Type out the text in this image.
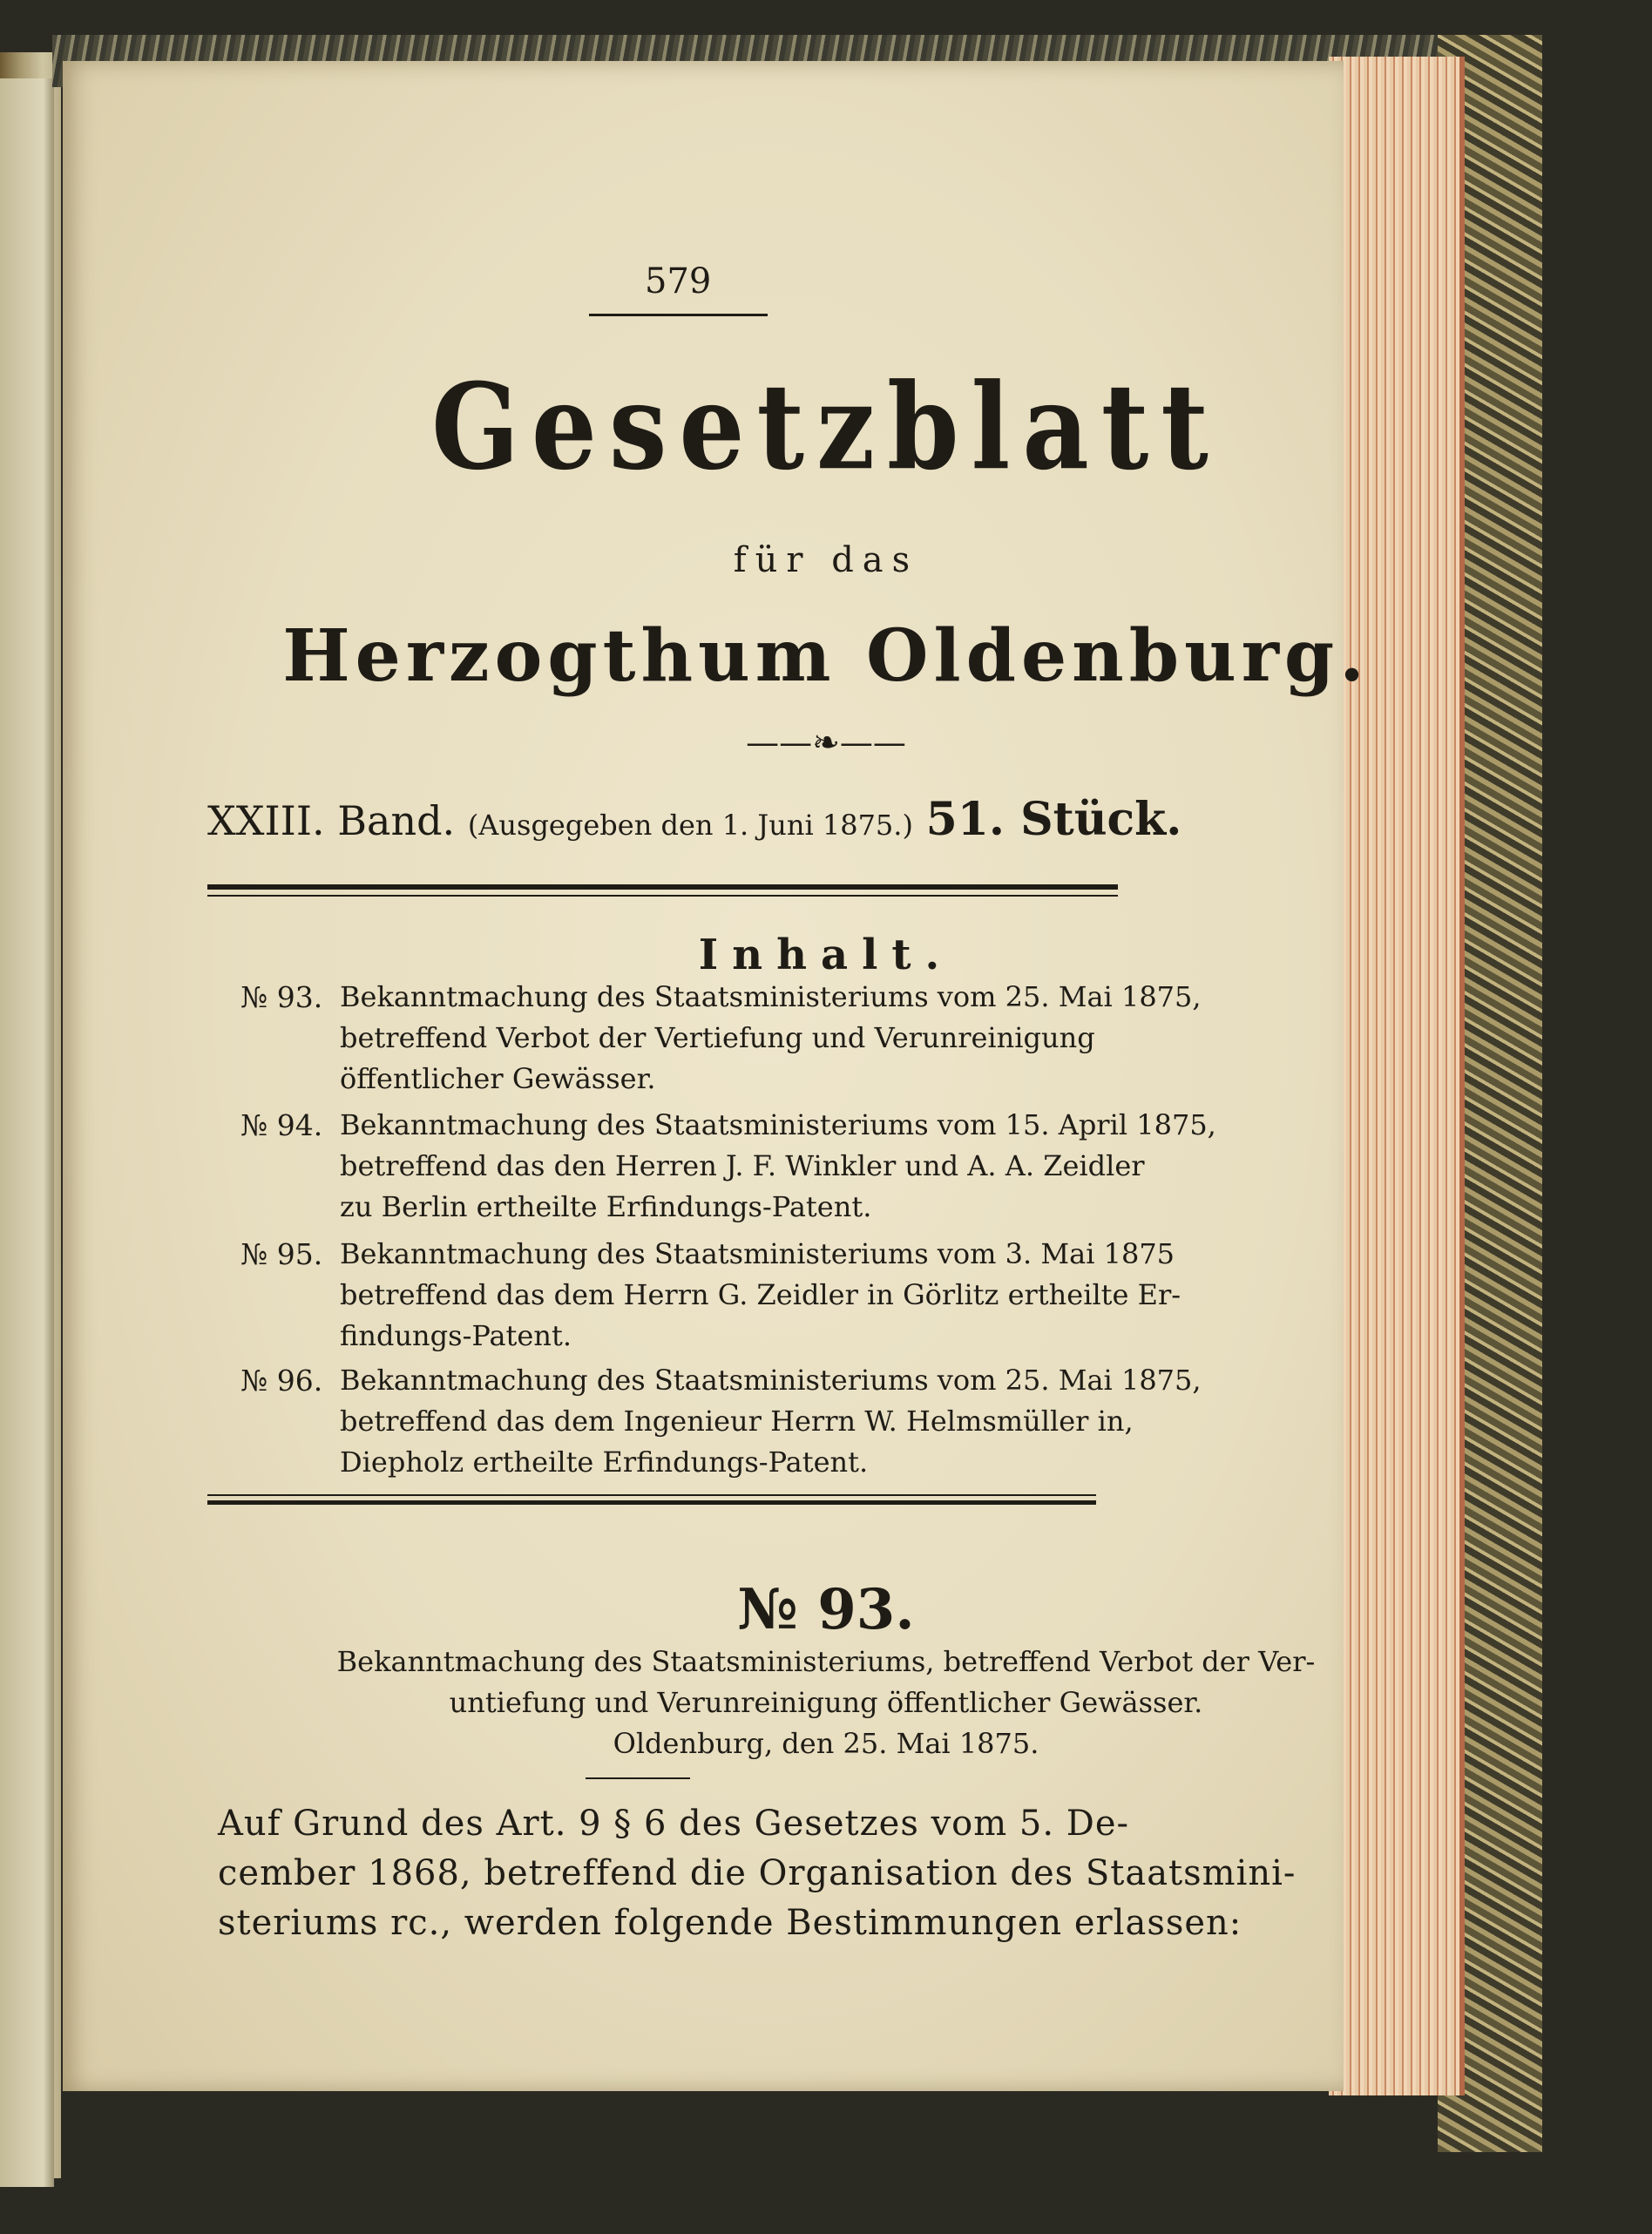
579
Gesetzblatt
für das
Herzogthum Oldenburg.
——❧——
XXIII. Band. (Ausgegeben den 1. Juni 1875.) 51. Stück.
Inhalt.
№ 93. Bekanntmachung des Staatsministeriums vom 25. Mai 1875,
betreffend Verbot der Vertiefung und Verunreinigung
öffentlicher Gewässer.
№ 94. Bekanntmachung des Staatsministeriums vom 15. April 1875,
betreffend das den Herren J. F. Winkler und A. A. Zeidler
zu Berlin ertheilte Erfindungs-Patent.
№ 95. Bekanntmachung des Staatsministeriums vom 3. Mai 1875
betreffend das dem Herrn G. Zeidler in Görlitz ertheilte Er-
findungs-Patent.
№ 96. Bekanntmachung des Staatsministeriums vom 25. Mai 1875,
betreffend das dem Ingenieur Herrn W. Helmsmüller in,
Diepholz ertheilte Erfindungs-Patent.
№ 93.
Bekanntmachung des Staatsministeriums, betreffend Verbot der Ver-
untiefung und Verunreinigung öffentlicher Gewässer.
Oldenburg, den 25. Mai 1875.
Auf Grund des Art. 9 § 6 des Gesetzes vom 5. De-
cember 1868, betreffend die Organisation des Staatsmini-
steriums rc., werden folgende Bestimmungen erlassen:
